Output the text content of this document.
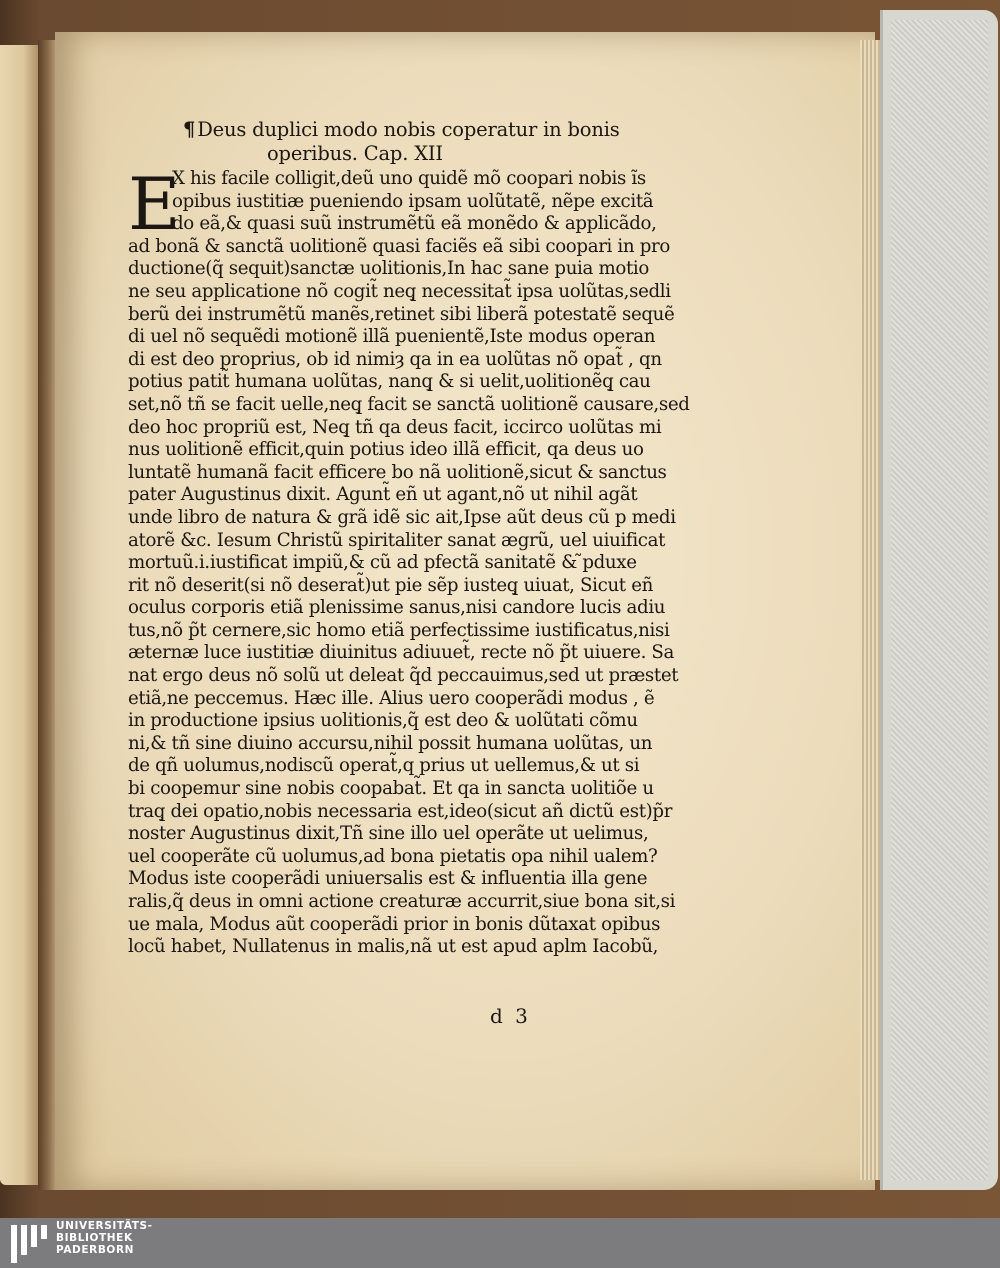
¶ Deus duplici modo nobis coperatur in bonis
operibus. Cap. XII
E
X his facile colligit,deũ uno quidẽ mõ coopari nobis ĩs
opibus iustitiæ pueniendo ipsam uolũtatẽ, nẽpe excitã
do eã,& quasi suũ instrumẽtũ eã monẽdo & applicãdo,
ad bonã & sanctã uolitionẽ quasi faciẽs eã sibi coopari in pro
ductione(q̃ sequit)sanctæ uolitionis,In hac sane puia motio
ne seu applicatione nõ cogit̃ neq̧ necessitat̃ ipsa uolũtas,sedli
berũ dei instrumẽtũ manẽs,retinet sibi liberã potestatẽ sequẽ
di uel nõ sequẽdi motionẽ illã puenientẽ,Iste modus operan
di est deo proprius, ob id nimiȝ qa in ea uolũtas nõ opat̃ , qn
potius patit̃ humana uolũtas, nanq̧ & si uelit,uolitionẽq̧ cau
set,nõ tñ se facit uelle,neq̧ facit se sanctã uolitionẽ causare,sed
deo hoc propriũ est, Neq̧ tñ qa deus facit, iccirco uolũtas mi
nus uolitionẽ efficit,quin potius ideo illã efficit, qa deus uo
luntatẽ humanã facit efficere bo nã uolitionẽ,sicut & sanctus
pater Augustinus dixit. Agunt̃ eñ ut agant,nõ ut nihil agãt
unde libro de natura & grã idẽ sic ait,Ipse aũt deus cũ p medi
atorẽ &c. Iesum Christũ spiritaliter sanat ægrũ, uel uiuificat
mortuũ.i.iustificat impiũ,& cũ ad pfectã sanitatẽ & ̃pduxe
rit nõ deserit(si nõ deserat̃)ut pie sẽp iusteq̧ uiuat, Sicut eñ
oculus corporis etiã plenissime sanus,nisi candore lucis adiu
tus,nõ p̃t cernere,sic homo etiã perfectissime iustificatus,nisi
æternæ luce iustitiæ diuinitus adiuuet̃, recte nõ p̃t uiuere. Sa
nat ergo deus nõ solũ ut deleat q̃d peccauimus,sed ut præstet
etiã,ne peccemus. Hæc ille. Alius uero cooperãdi modus , ẽ
in productione ipsius uolitionis,q̃ est deo & uolũtati cõmu
ni,& tñ sine diuino accursu,nihil possit humana uolũtas, un
de qñ uolumus,nodiscũ operat̃,q prius ut uellemus,& ut si
bi coopemur sine nobis coopabat̃. Et qa in sancta uolitiõe u
traq̧ dei opatio,nobis necessaria est,ideo(sicut añ dictũ est)p̃r
noster Augustinus dixit,Tñ sine illo uel operãte ut uelimus,
uel cooperãte cũ uolumus,ad bona pietatis opa nihil ualem?
Modus iste cooperãdi uniuersalis est & influentia illa gene
ralis,q̃ deus in omni actione creaturæ accurrit,siue bona sit,si
ue mala, Modus aũt cooperãdi prior in bonis dũtaxat opibus
locũ habet, Nullatenus in malis,nã ut est apud aplm Iacobũ,
d 3
UNIVERSITÄTS-
BIBLIOTHEK
PADERBORN
